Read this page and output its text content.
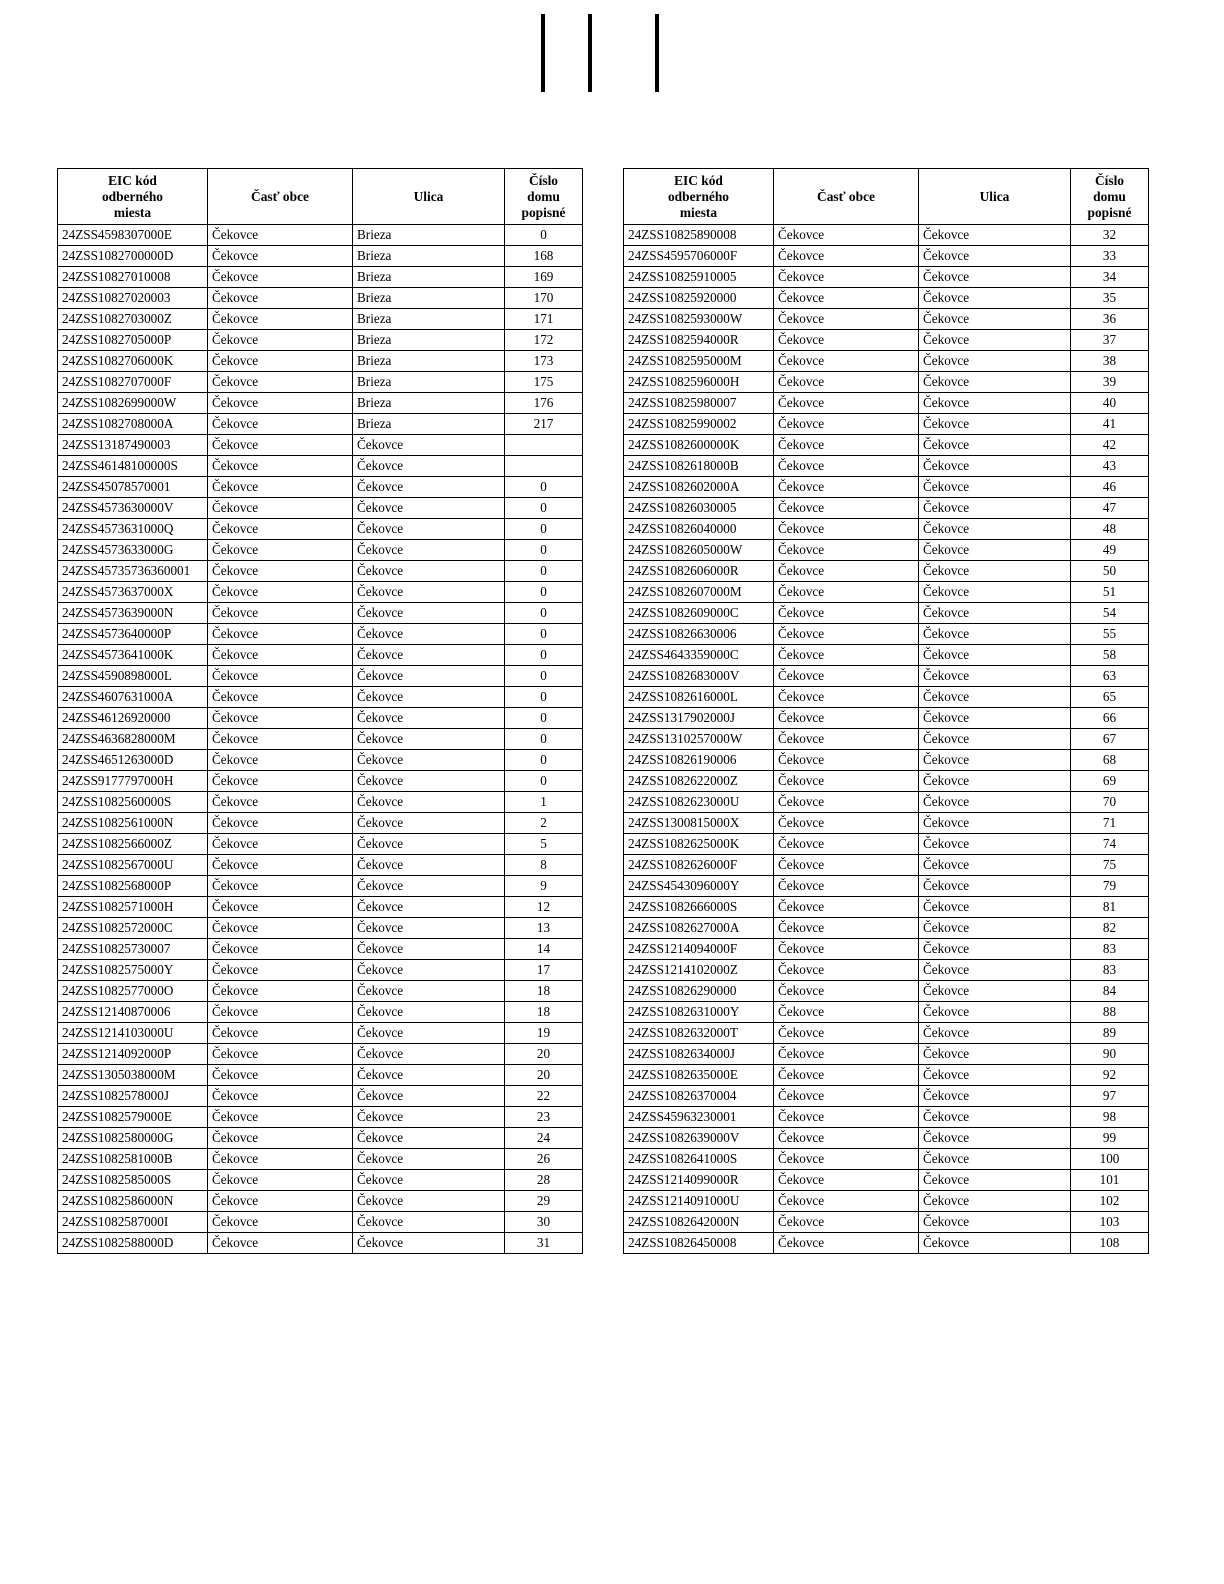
EIC kód
odberného
miesta
	Časť obce	Ulica	
Číslo
domu
popisné

24ZSS4598307000E	Čekovce	Brieza	0
24ZSS1082700000D	Čekovce	Brieza	168
24ZSS10827010008	Čekovce	Brieza	169
24ZSS10827020003	Čekovce	Brieza	170
24ZSS1082703000Z	Čekovce	Brieza	171
24ZSS1082705000P	Čekovce	Brieza	172
24ZSS1082706000K	Čekovce	Brieza	173
24ZSS1082707000F	Čekovce	Brieza	175
24ZSS1082699000W	Čekovce	Brieza	176
24ZSS1082708000A	Čekovce	Brieza	217
24ZSS13187490003	Čekovce	Čekovce	
24ZSS46148100000S	Čekovce	Čekovce	
24ZSS45078570001	Čekovce	Čekovce	0
24ZSS4573630000V	Čekovce	Čekovce	0
24ZSS4573631000Q	Čekovce	Čekovce	0
24ZSS4573633000G	Čekovce	Čekovce	0
24ZSS45735736360001	Čekovce	Čekovce	0
24ZSS4573637000X	Čekovce	Čekovce	0
24ZSS4573639000N	Čekovce	Čekovce	0
24ZSS4573640000P	Čekovce	Čekovce	0
24ZSS4573641000K	Čekovce	Čekovce	0
24ZSS4590898000L	Čekovce	Čekovce	0
24ZSS4607631000A	Čekovce	Čekovce	0
24ZSS46126920000	Čekovce	Čekovce	0
24ZSS4636828000M	Čekovce	Čekovce	0
24ZSS4651263000D	Čekovce	Čekovce	0
24ZSS9177797000H	Čekovce	Čekovce	0
24ZSS1082560000S	Čekovce	Čekovce	1
24ZSS1082561000N	Čekovce	Čekovce	2
24ZSS1082566000Z	Čekovce	Čekovce	5
24ZSS1082567000U	Čekovce	Čekovce	8
24ZSS1082568000P	Čekovce	Čekovce	9
24ZSS1082571000H	Čekovce	Čekovce	12
24ZSS1082572000C	Čekovce	Čekovce	13
24ZSS10825730007	Čekovce	Čekovce	14
24ZSS1082575000Y	Čekovce	Čekovce	17
24ZSS1082577000O	Čekovce	Čekovce	18
24ZSS12140870006	Čekovce	Čekovce	18
24ZSS1214103000U	Čekovce	Čekovce	19
24ZSS1214092000P	Čekovce	Čekovce	20
24ZSS1305038000M	Čekovce	Čekovce	20
24ZSS1082578000J	Čekovce	Čekovce	22
24ZSS1082579000E	Čekovce	Čekovce	23
24ZSS1082580000G	Čekovce	Čekovce	24
24ZSS1082581000B	Čekovce	Čekovce	26
24ZSS1082585000S	Čekovce	Čekovce	28
24ZSS1082586000N	Čekovce	Čekovce	29
24ZSS1082587000I	Čekovce	Čekovce	30
24ZSS1082588000D	Čekovce	Čekovce	31
EIC kód
odberného
miesta
	Časť obce	Ulica	
Číslo
domu
popisné

24ZSS10825890008	Čekovce	Čekovce	32
24ZSS4595706000F	Čekovce	Čekovce	33
24ZSS10825910005	Čekovce	Čekovce	34
24ZSS10825920000	Čekovce	Čekovce	35
24ZSS1082593000W	Čekovce	Čekovce	36
24ZSS1082594000R	Čekovce	Čekovce	37
24ZSS1082595000M	Čekovce	Čekovce	38
24ZSS1082596000H	Čekovce	Čekovce	39
24ZSS10825980007	Čekovce	Čekovce	40
24ZSS10825990002	Čekovce	Čekovce	41
24ZSS1082600000K	Čekovce	Čekovce	42
24ZSS1082618000B	Čekovce	Čekovce	43
24ZSS1082602000A	Čekovce	Čekovce	46
24ZSS10826030005	Čekovce	Čekovce	47
24ZSS10826040000	Čekovce	Čekovce	48
24ZSS1082605000W	Čekovce	Čekovce	49
24ZSS1082606000R	Čekovce	Čekovce	50
24ZSS1082607000M	Čekovce	Čekovce	51
24ZSS1082609000C	Čekovce	Čekovce	54
24ZSS10826630006	Čekovce	Čekovce	55
24ZSS4643359000C	Čekovce	Čekovce	58
24ZSS1082683000V	Čekovce	Čekovce	63
24ZSS1082616000L	Čekovce	Čekovce	65
24ZSS1317902000J	Čekovce	Čekovce	66
24ZSS1310257000W	Čekovce	Čekovce	67
24ZSS10826190006	Čekovce	Čekovce	68
24ZSS1082622000Z	Čekovce	Čekovce	69
24ZSS1082623000U	Čekovce	Čekovce	70
24ZSS1300815000X	Čekovce	Čekovce	71
24ZSS1082625000K	Čekovce	Čekovce	74
24ZSS1082626000F	Čekovce	Čekovce	75
24ZSS4543096000Y	Čekovce	Čekovce	79
24ZSS1082666000S	Čekovce	Čekovce	81
24ZSS1082627000A	Čekovce	Čekovce	82
24ZSS1214094000F	Čekovce	Čekovce	83
24ZSS1214102000Z	Čekovce	Čekovce	83
24ZSS10826290000	Čekovce	Čekovce	84
24ZSS1082631000Y	Čekovce	Čekovce	88
24ZSS1082632000T	Čekovce	Čekovce	89
24ZSS1082634000J	Čekovce	Čekovce	90
24ZSS1082635000E	Čekovce	Čekovce	92
24ZSS10826370004	Čekovce	Čekovce	97
24ZSS45963230001	Čekovce	Čekovce	98
24ZSS1082639000V	Čekovce	Čekovce	99
24ZSS1082641000S	Čekovce	Čekovce	100
24ZSS1214099000R	Čekovce	Čekovce	101
24ZSS1214091000U	Čekovce	Čekovce	102
24ZSS1082642000N	Čekovce	Čekovce	103
24ZSS10826450008	Čekovce	Čekovce	108
